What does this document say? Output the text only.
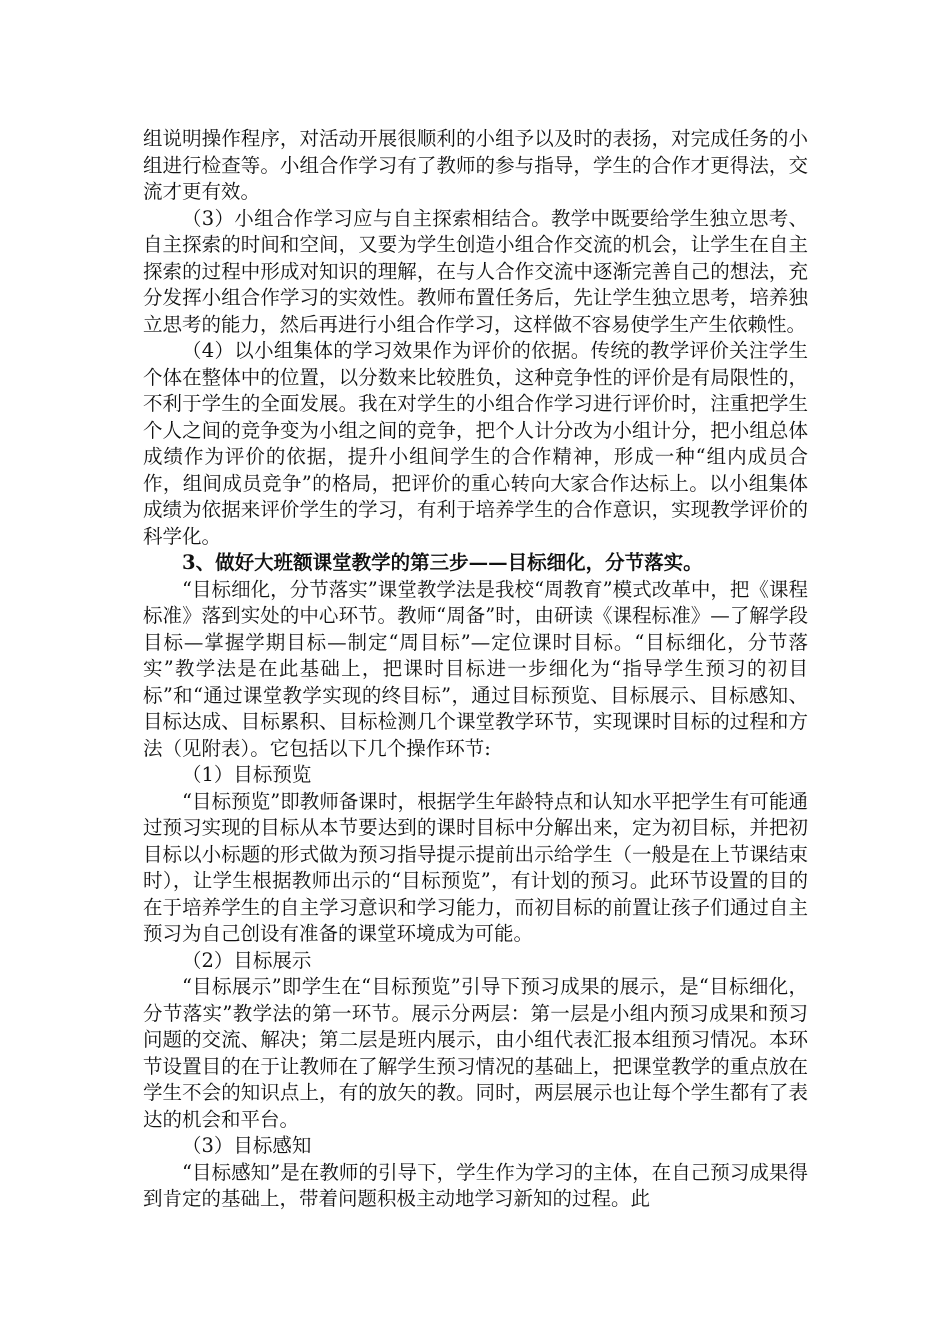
组说明操作程序，对活动开展很顺利的小组予以及时的表扬，对完成任务的小组进行检查等。小组合作学习有了教师的参与指导，学生的合作才更得法，交流才更有效。

（3）小组合作学习应与自主探索相结合。教学中既要给学生独立思考、自主探索的时间和空间，又要为学生创造小组合作交流的机会，让学生在自主探索的过程中形成对知识的理解，在与人合作交流中逐渐完善自己的想法，充分发挥小组合作学习的实效性。教师布置任务后，先让学生独立思考，培养独立思考的能力，然后再进行小组合作学习，这样做不容易使学生产生依赖性。

（4）以小组集体的学习效果作为评价的依据。传统的教学评价关注学生个体在整体中的位置，以分数来比较胜负，这种竞争性的评价是有局限性的，不利于学生的全面发展。我在对学生的小组合作学习进行评价时，注重把学生个人之间的竞争变为小组之间的竞争，把个人计分改为小组计分，把小组总体成绩作为评价的依据，提升小组间学生的合作精神，形成一种“组内成员合作，组间成员竞争”的格局，把评价的重心转向大家合作达标上。以小组集体成绩为依据来评价学生的学习，有利于培养学生的合作意识，实现教学评价的科学化。

3、做好大班额课堂教学的第三步——目标细化，分节落实。

“目标细化，分节落实”课堂教学法是我校“周教育”模式改革中，把《课程标准》落到实处的中心环节。教师“周备”时，由研读《课程标准》—了解学段目标—掌握学期目标—制定“周目标”—定位课时目标。“目标细化，分节落实”教学法是在此基础上，把课时目标进一步细化为“指导学生预习的初目标”和“通过课堂教学实现的终目标”，通过目标预览、目标展示、目标感知、目标达成、目标累积、目标检测几个课堂教学环节，实现课时目标的过程和方法（见附表）。它包括以下几个操作环节:

（1）目标预览

“目标预览”即教师备课时，根据学生年龄特点和认知水平把学生有可能通过预习实现的目标从本节要达到的课时目标中分解出来，定为初目标，并把初目标以小标题的形式做为预习指导提示提前出示给学生（一般是在上节课结束时），让学生根据教师出示的“目标预览”，有计划的预习。此环节设置的目的在于培养学生的自主学习意识和学习能力，而初目标的前置让孩子们通过自主预习为自己创设有准备的课堂环境成为可能。

（2）目标展示

“目标展示”即学生在“目标预览”引导下预习成果的展示，是“目标细化，分节落实”教学法的第一环节。展示分两层：第一层是小组内预习成果和预习问题的交流、解决；第二层是班内展示，由小组代表汇报本组预习情况。本环节设置目的在于让教师在了解学生预习情况的基础上，把课堂教学的重点放在学生不会的知识点上，有的放矢的教。同时，两层展示也让每个学生都有了表达的机会和平台。

（3）目标感知

“目标感知”是在教师的引导下，学生作为学习的主体，在自己预习成果得到肯定的基础上，带着问题积极主动地学习新知的过程。此
